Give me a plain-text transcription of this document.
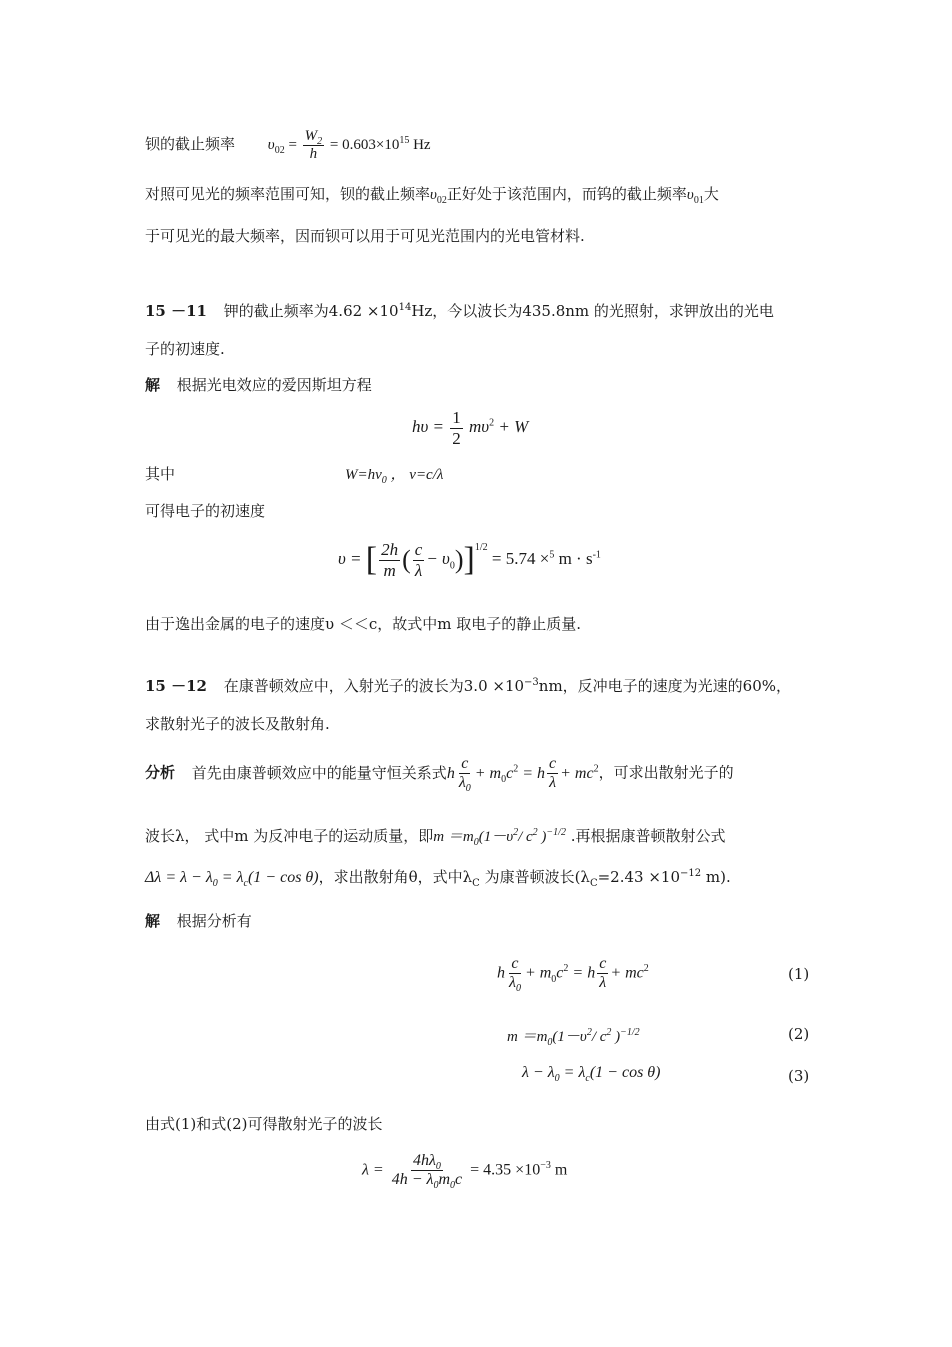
钡的截止频率 $\upsilon_{02} = \frac{W_2}{h} = 0.603\times 10^{15}$ Hz
对照可见光的频率范围可知，钡的截止频率$\upsilon_{02}$正好处于该范围内，而钨的截止频率$\upsilon_{01}$大
于可见光的最大频率，因而钡可以用于可见光范围内的光电管材料.
15 －11 钾的截止频率为$4.62 \times 10^{14}Hz$，今以波长为435.8nm 的光照射，求钾放出的光电
子的初速度.
解 根据光电效应的爱因斯坦方程
$h\upsilon = \frac{1}{2} m\upsilon^2 + W$
其中	$W=h\nu_0$ ， ν=c/λ
可得电子的初速度
υ = [ $\frac{2h}{m}$ ( $\frac{c}{\lambda} - \upsilon_0)]^{1/2} = 5.74 \times^5$ $m \cdot s^{-1}$
由于逸出金属的电子的速度υ ＜＜c，故式中m 取电子的静止质量.
15 －12 在康普顿效应中，入射光子的波长为$3.0 \times 10^{-3}nm$，反冲电子的速度为光速的60%，
求散射光子的波长及散射角.
分析 首先由康普顿效应中的能量守恒关系式h $\frac{c}{\lambda_0} + m_0c^2 = h \frac{c}{\lambda} + mc^2$，可求出散射光子的
波长λ， 式中m 为反冲电子的运动质量，即$m =m_0(1-\upsilon^2/$ $c^2$ )$^{-1/2}$ .再根据康普顿散射公式
$\Delta\lambda = \lambda - \lambda_0 = \lambda_c(1 - \cos \theta)$，求出散射角θ，式中$\lambda_C$ 为康普顿波长($\lambda_C=2.43 \times 10^{-12}$ m).
解 根据分析有
h $\frac{c}{\lambda_0} + m_0c^2 = h \frac{c}{\lambda} + mc^2$	(1)
$m =m_0(1-\upsilon^2/$ $c^2$ )$^{-1/2}$	(2)
$\lambda - \lambda_0 = \lambda_c(1 - \cos \theta)$	(3)
由式(1)和式(2)可得散射光子的波长
$\lambda = \frac{4h\lambda_0}{4h - \lambda_0m_0c} = 4.35 \times 10^{-3}$ m
